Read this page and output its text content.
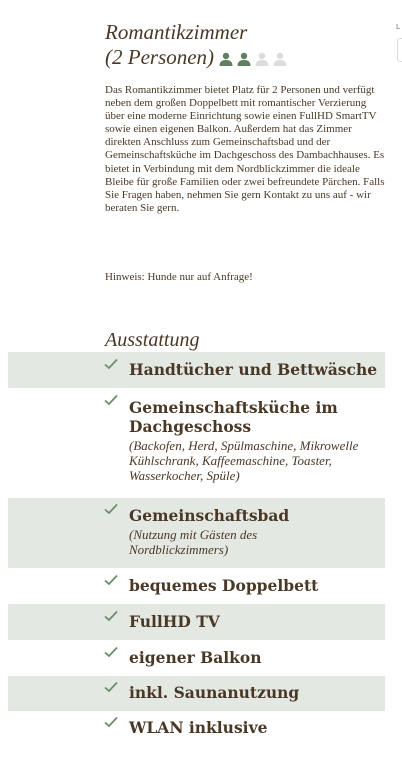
Romantikzimmer
(2 Personen)
L

Das Romantikzimmer bietet Platz für 2 Personen und verfügt neben dem großen Doppelbett mit romantischer Verzierung über eine moderne Einrichtung sowie einen FullHD SmartTV sowie einen eigenen Balkon. Außerdem hat das Zimmer direkten Anschluss zum Gemeinschaftsbad und der Gemeinschaftsküche im Dachgeschoss des Dambachhauses. Es bietet in Verbindung mit dem Nordblickzimmer die ideale Bleibe für große Familien oder zwei befreundete Pärchen. Falls Sie Fragen haben, nehmen Sie gern Kontakt zu uns auf - wir beraten Sie gern.

Hinweis: Hunde nur auf Anfrage!

Ausstattung
Handtücher und Bettwäsche
Gemeinschaftsküche im Dachgeschoss
(Backofen, Herd, Spülmaschine, Mikrowelle Kühlschrank, Kaffeemaschine, Toaster, Wasserkocher, Spüle)
Gemeinschaftsbad
(Nutzung mit Gästen des Nordblickzimmers)
bequemes Doppelbett
FullHD TV
eigener Balkon
inkl. Saunanutzung
WLAN inklusive
